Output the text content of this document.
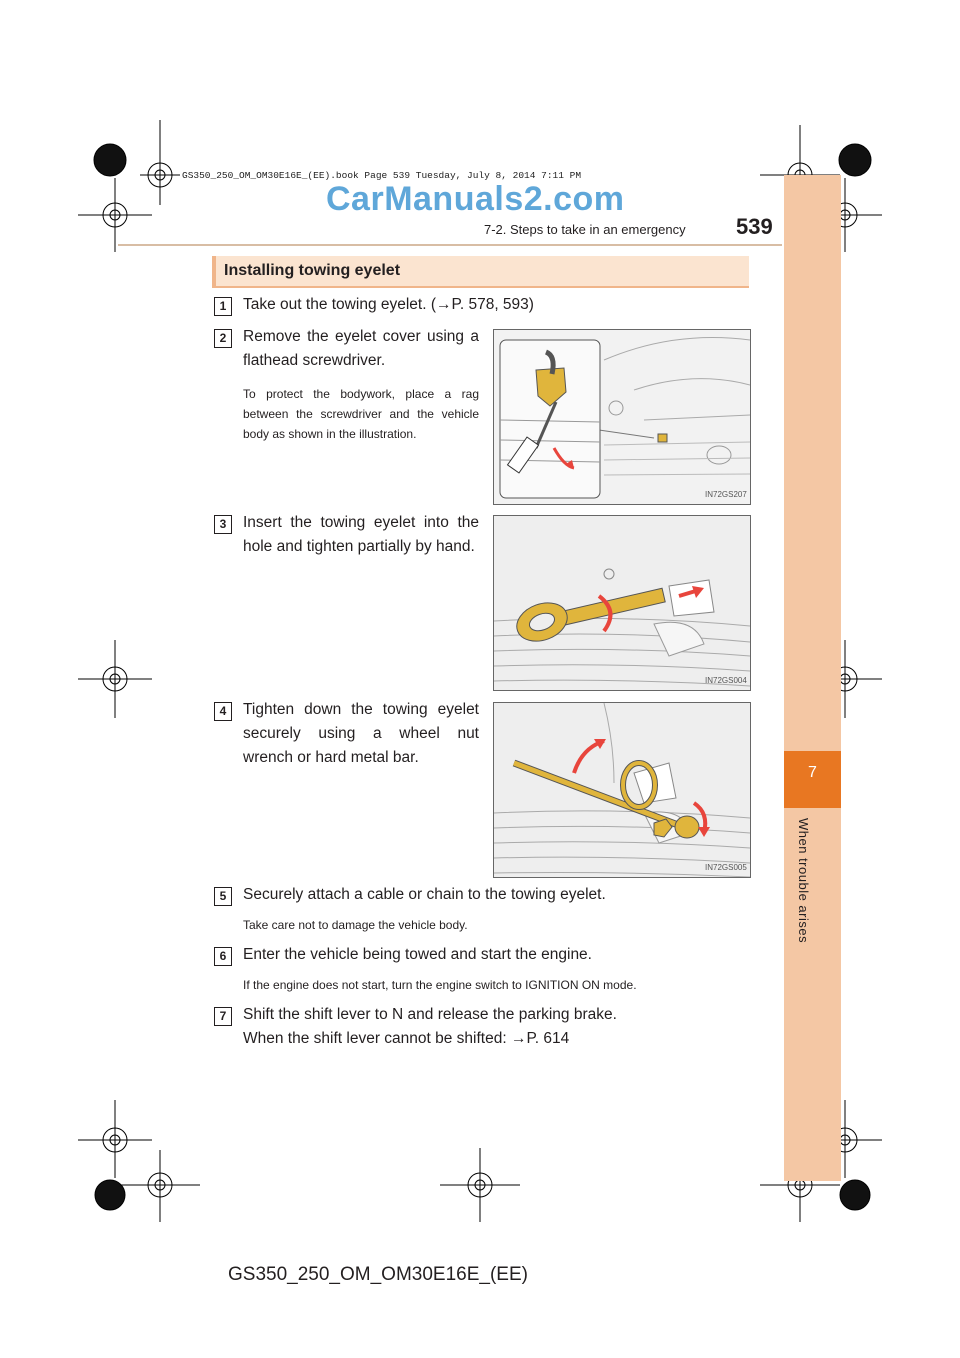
7
When trouble arises
GS350_250_OM_OM30E16E_(EE).book Page 539 Tuesday, July 8, 2014 7:11 PM
CarManuals2.com
7-2. Steps to take in an emergency 539
Installing towing eyelet
1	Take out the towing eyelet. (→P. 578, 593)
2	Remove the eyelet cover using a flathead screwdriver.
To protect the bodywork, place a rag between the screwdriver and the vehicle body as shown in the illustration.
IN72GS207
3	Insert the towing eyelet into the hole and tighten partially by hand.
IN72GS004
4	Tighten down the towing eyelet securely using a wheel nut wrench or hard metal bar.
IN72GS005
5	Securely attach a cable or chain to the towing eyelet.
Take care not to damage the vehicle body.
6	Enter the vehicle being towed and start the engine.
If the engine does not start, turn the engine switch to IGNITION ON mode.
7	Shift the shift lever to N and release the parking brake.
When the shift lever cannot be shifted: →P. 614
GS350_250_OM_OM30E16E_(EE)
